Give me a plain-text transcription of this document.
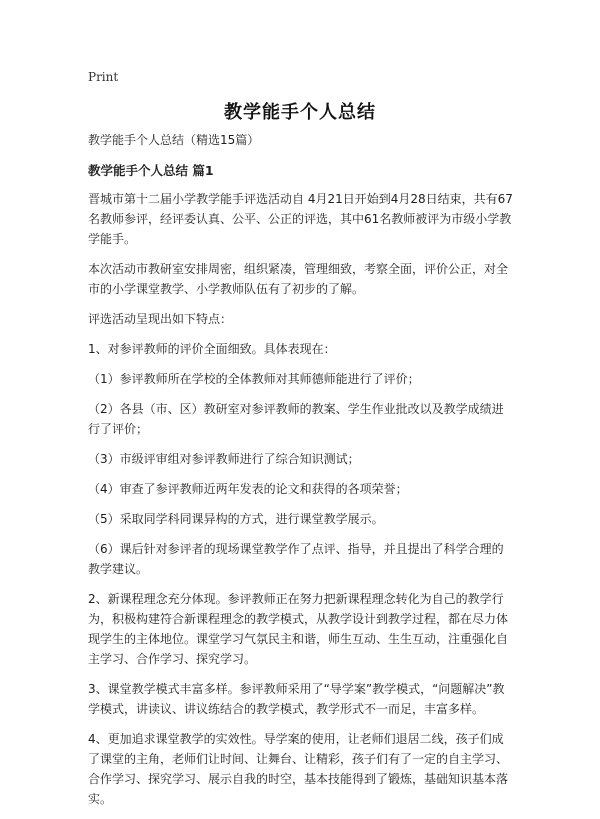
Print
教学能手个人总结

教学能手个人总结（精选15篇）

教学能手个人总结 篇1

晋城市第十二届小学教学能手评选活动自 4月21日开始到4月28日结束，共有67名教师参评，经评委认真、公平、公正的评选，其中61名教师被评为市级小学教学能手。

本次活动市教研室安排周密，组织紧凑，管理细致，考察全面，评价公正，对全市的小学课堂教学、小学教师队伍有了初步的了解。

评选活动呈现出如下特点：

1、对参评教师的评价全面细致。具体表现在：

（1）参评教师所在学校的全体教师对其师德师能进行了评价；

（2）各县（市、区）教研室对参评教师的教案、学生作业批改以及教学成绩进行了评价；

（3）市级评审组对参评教师进行了综合知识测试；

（4）审查了参评教师近两年发表的论文和获得的各项荣誉；

（5）采取同学科同课异构的方式，进行课堂教学展示。

（6）课后针对参评者的现场课堂教学作了点评、指导，并且提出了科学合理的教学建议。

2、新课程理念充分体现。参评教师正在努力把新课程理念转化为自己的教学行为，积极构建符合新课程理念的教学模式，从教学设计到教学过程，都在尽力体现学生的主体地位。课堂学习气氛民主和谐，师生互动、生生互动，注重强化自主学习、合作学习、探究学习。

3、课堂教学模式丰富多样。参评教师采用了“导学案”教学模式，“问题解决”教学模式，讲读议、讲议练结合的教学模式，教学形式不一而足，丰富多样。

4、更加追求课堂教学的实效性。导学案的使用，让老师们退居二线，孩子们成了课堂的主角，老师们让时间、让舞台、让精彩，孩子们有了一定的自主学习、合作学习、探究学习、展示自我的时空，基本技能得到了锻炼，基础知识基本落实。
